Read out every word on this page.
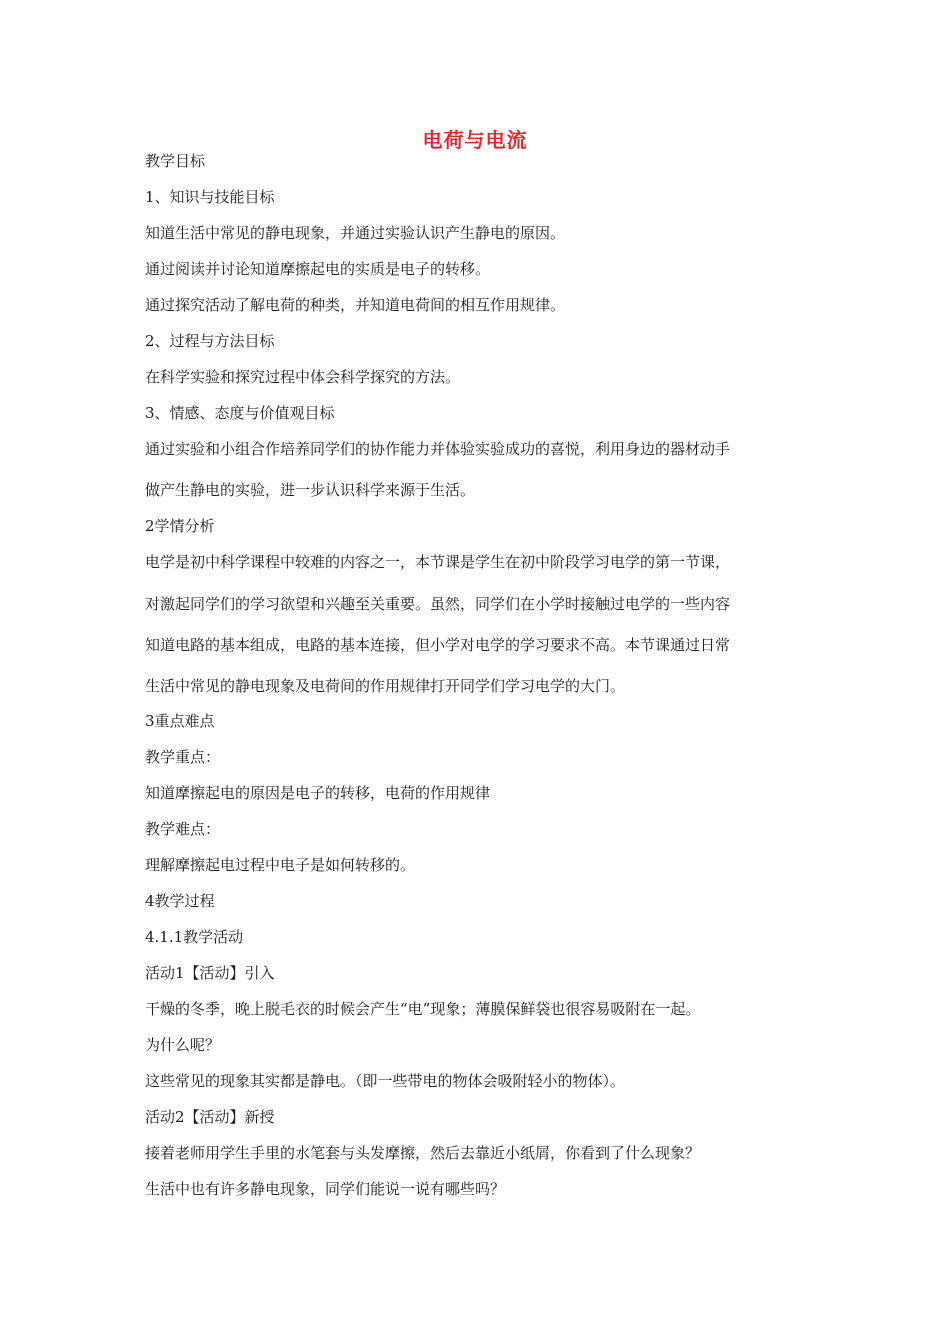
电荷与电流
教学目标
1、知识与技能目标
知道生活中常见的静电现象，并通过实验认识产生静电的原因。
通过阅读并讨论知道摩擦起电的实质是电子的转移。
通过探究活动了解电荷的种类，并知道电荷间的相互作用规律。
2、过程与方法目标
在科学实验和探究过程中体会科学探究的方法。
3、情感、态度与价值观目标
通过实验和小组合作培养同学们的协作能力并体验实验成功的喜悦，利用身边的器材动手
做产生静电的实验，进一步认识科学来源于生活。
2学情分析
电学是初中科学课程中较难的内容之一，本节课是学生在初中阶段学习电学的第一节课，
对激起同学们的学习欲望和兴趣至关重要。虽然，同学们在小学时接触过电学的一些内容
知道电路的基本组成，电路的基本连接，但小学对电学的学习要求不高。本节课通过日常
生活中常见的静电现象及电荷间的作用规律打开同学们学习电学的大门。
3重点难点
教学重点：
知道摩擦起电的原因是电子的转移，电荷的作用规律
教学难点：
理解摩擦起电过程中电子是如何转移的。
4教学过程
4.1.1教学活动
活动1【活动】引入
干燥的冬季，晚上脱毛衣的时候会产生“电”现象；薄膜保鲜袋也很容易吸附在一起。
为什么呢？
这些常见的现象其实都是静电。（即一些带电的物体会吸附轻小的物体）。
活动2【活动】新授
接着老师用学生手里的水笔套与头发摩擦，然后去靠近小纸屑，你看到了什么现象？
生活中也有许多静电现象，同学们能说一说有哪些吗？
